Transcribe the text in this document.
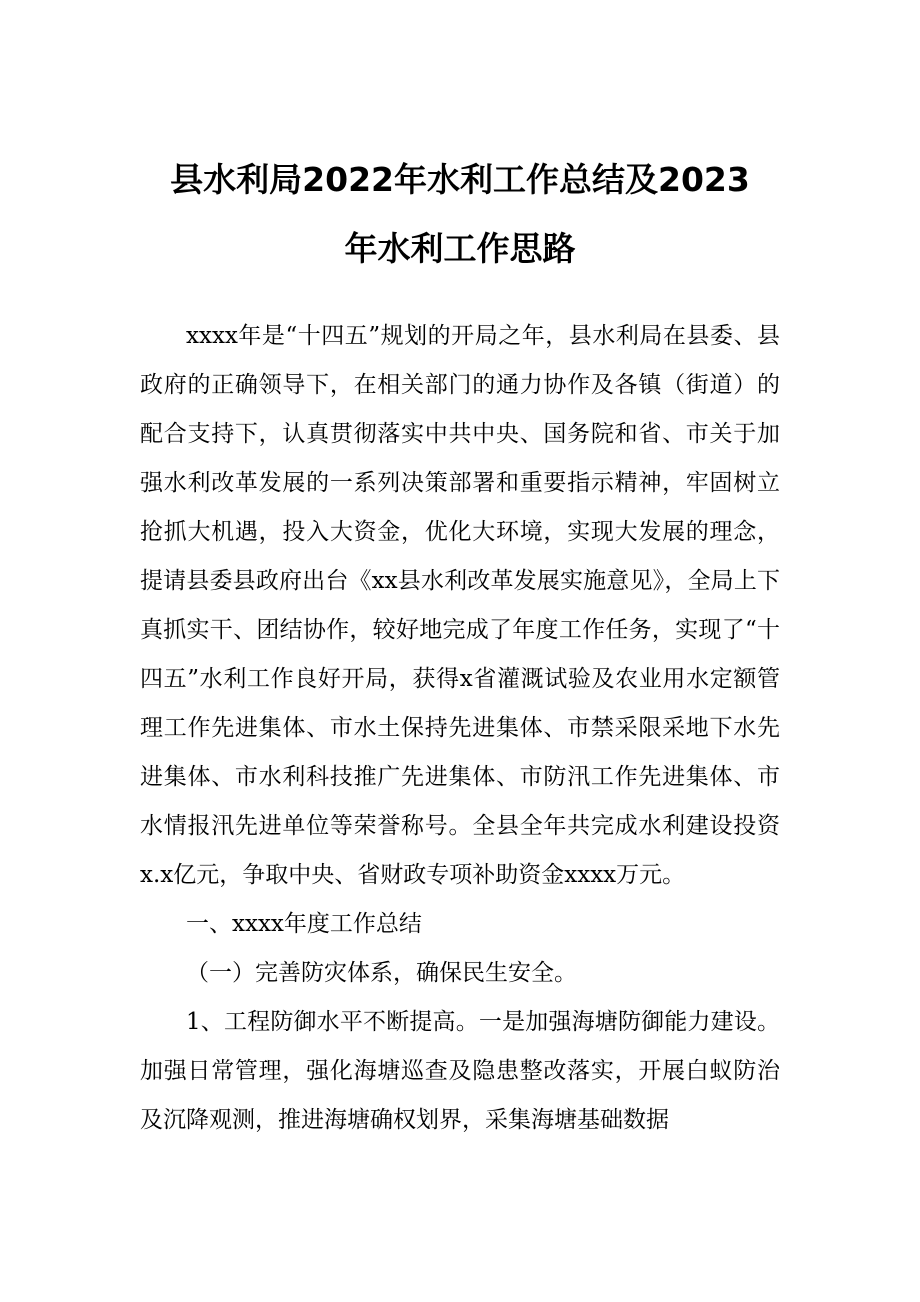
县水利局2022年水利工作总结及2023
年水利工作思路

xxxx年是“十四五”规划的开局之年，县水利局在县委、县政府的正确领导下，在相关部门的通力协作及各镇（街道）的配合支持下，认真贯彻落实中共中央、国务院和省、市关于加强水利改革发展的一系列决策部署和重要指示精神，牢固树立抢抓大机遇，投入大资金，优化大环境，实现大发展的理念，提请县委县政府出台《xx县水利改革发展实施意见》，全局上下真抓实干、团结协作，较好地完成了年度工作任务，实现了“十四五”水利工作良好开局，获得x省灌溉试验及农业用水定额管理工作先进集体、市水土保持先进集体、市禁采限采地下水先进集体、市水利科技推广先进集体、市防汛工作先进集体、市水情报汛先进单位等荣誉称号。全县全年共完成水利建设投资x.x亿元，争取中央、省财政专项补助资金xxxx万元。

一、xxxx年度工作总结

（一）完善防灾体系，确保民生安全。

1、工程防御水平不断提高。一是加强海塘防御能力建设。加强日常管理，强化海塘巡查及隐患整改落实，开展白蚁防治及沉降观测，推进海塘确权划界，采集海塘基础数据
